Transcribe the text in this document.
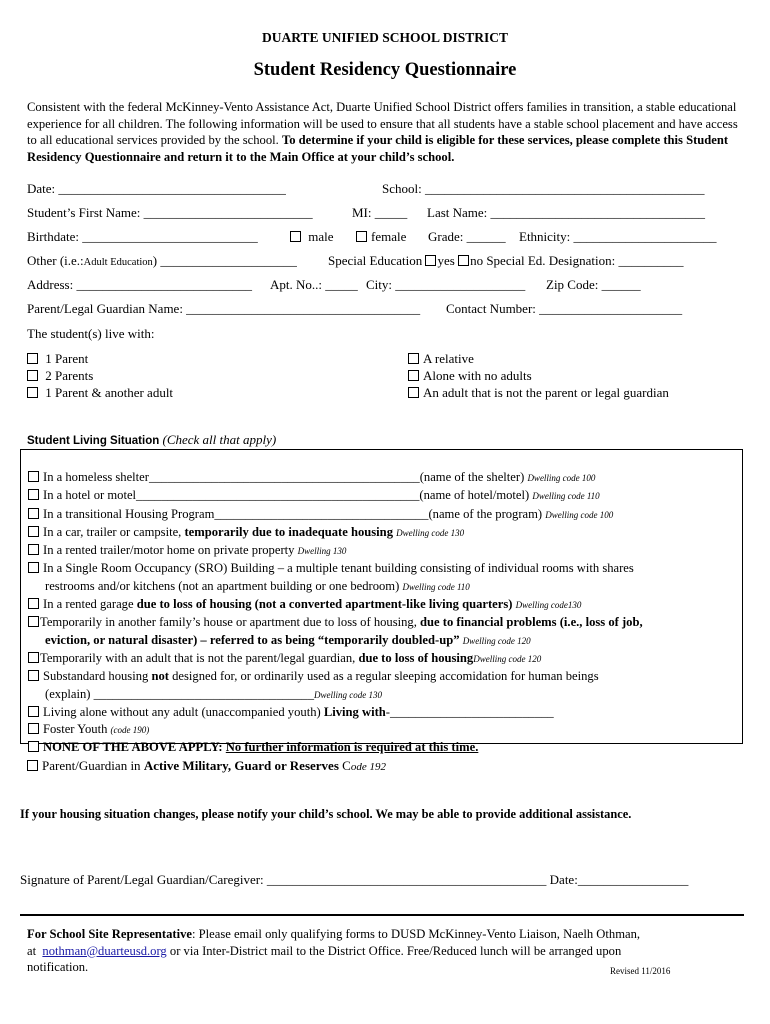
DUARTE UNIFIED SCHOOL DISTRICT
Student Residency Questionnaire
Consistent with the federal McKinney-Vento Assistance Act, Duarte Unified School District offers families in transition, a stable educational experience for all children. The following information will be used to ensure that all students have a stable school placement and have access to all educational services provided by the school. To determine if your child is eligible for these services, please complete this Student Residency Questionnaire and return it to the Main Office at your child’s school.
Date: ___________________________________	School: ___________________________________________
Student’s First Name: __________________________	MI: _____ Last Name: _________________________________
Birthdate: ___________________________	male	female Grade: ______ Ethnicity: ______________________
Other (i.e.:Adult Education) _____________________ Special Education yes no Special Ed. Designation: __________
Address: ___________________________ Apt. No..: _____ City: ____________________ Zip Code: ______
Parent/Legal Guardian Name: ____________________________________ Contact Number: ______________________
The student(s) live with:
1 Parent
2 Parents
1 Parent & another adult
A relative
Alone with no adults
An adult that is not the parent or legal guardian
Student Living Situation (Check all that apply)
In a homeless shelter___________________________________________(name of the shelter) Dwelling code 100
In a hotel or motel_____________________________________________(name of hotel/motel) Dwelling code 110
In a transitional Housing Program__________________________________(name of the program) Dwelling code 100
In a car, trailer or campsite, temporarily due to inadequate housing Dwelling code 130
In a rented trailer/motor home on private property Dwelling 130
In a Single Room Occupancy (SRO) Building – a multiple tenant building consisting of individual rooms with shares
restrooms and/or kitchens (not an apartment building or one bedroom) Dwelling code 110
In a rented garage due to loss of housing (not a converted apartment-like living quarters) Dwelling code130
Temporarily in another family’s house or apartment due to loss of housing, due to financial problems (i.e., loss of job,
eviction, or natural disaster) – referred to as being “temporarily doubled-up” Dwelling code 120
Temporarily with an adult that is not the parent/legal guardian, due to loss of housingDwelling code 120
Substandard housing not designed for, or ordinarily used as a regular sleeping accomidation for human beings
(explain) ___________________________________Dwelling code 130
Living alone without any adult (unaccompanied youth) Living with-__________________________
Foster Youth (code 190)
NONE OF THE ABOVE APPLY: No further information is required at this time.
Parent/Guardian in Active Military, Guard or Reserves Code 192
If your housing situation changes, please notify your child’s school. We may be able to provide additional assistance.
Signature of Parent/Legal Guardian/Caregiver: ___________________________________________ Date:_________________
For School Site Representative: Please email only qualifying forms to DUSD McKinney-Vento Liaison, Naelh Othman,
at nothman@duarteusd.org or via Inter-District mail to the District Office. Free/Reduced lunch will be arranged upon
notification.	Revised 11/2016
